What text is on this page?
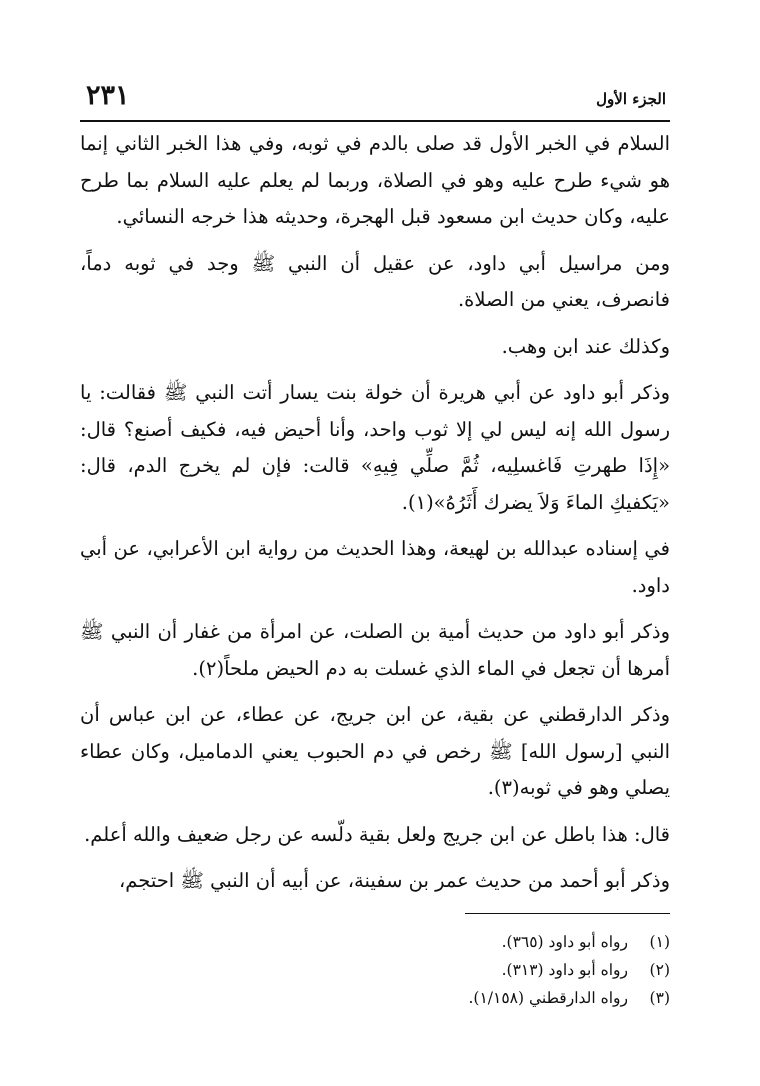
الجزء الأول
٢٣١

السلام في الخبر الأول قد صلى بالدم في ثوبه، وفي هذا الخبر الثاني إنما هو شيء طرح عليه وهو في الصلاة، وربما لم يعلم عليه السلام بما طرح عليه، وكان حديث ابن مسعود قبل الهجرة، وحديثه هذا خرجه النسائي.

ومن مراسيل أبي داود، عن عقيل أن النبي ﷺ وجد في ثوبه دماً، فانصرف، يعني من الصلاة.

وكذلك عند ابن وهب.

وذكر أبو داود عن أبي هريرة أن خولة بنت يسار أتت النبي ﷺ فقالت: يا رسول الله إنه ليس لي إلا ثوب واحد، وأنا أحيض فيه، فكيف أصنع؟ قال: «إِذَا طهرتِ فَاغسلِيه، ثُمَّ صلِّي فِيهِ» قالت: فإن لم يخرج الدم، قال: «يَكفيكِ الماءَ وَلاَ يضرك أَثَرُهُ»(١).

في إسناده عبدالله بن لهيعة، وهذا الحديث من رواية ابن الأعرابي، عن أبي داود.

وذكر أبو داود من حديث أمية بن الصلت، عن امرأة من غفار أن النبي ﷺ أمرها أن تجعل في الماء الذي غسلت به دم الحيض ملحاً(٢).

وذكر الدارقطني عن بقية، عن ابن جريج، عن عطاء، عن ابن عباس أن النبي [رسول الله] ﷺ رخص في دم الحبوب يعني الدماميل، وكان عطاء يصلي وهو في ثوبه(٣).

قال: هذا باطل عن ابن جريج ولعل بقية دلّسه عن رجل ضعيف والله أعلم.

وذكر أبو أحمد من حديث عمر بن سفينة، عن أبيه أن النبي ﷺ احتجم،

(١)
رواه أبو داود (٣٦٥).
(٢)
رواه أبو داود (٣١٣).
(٣)
رواه الدارقطني (١/١٥٨).
